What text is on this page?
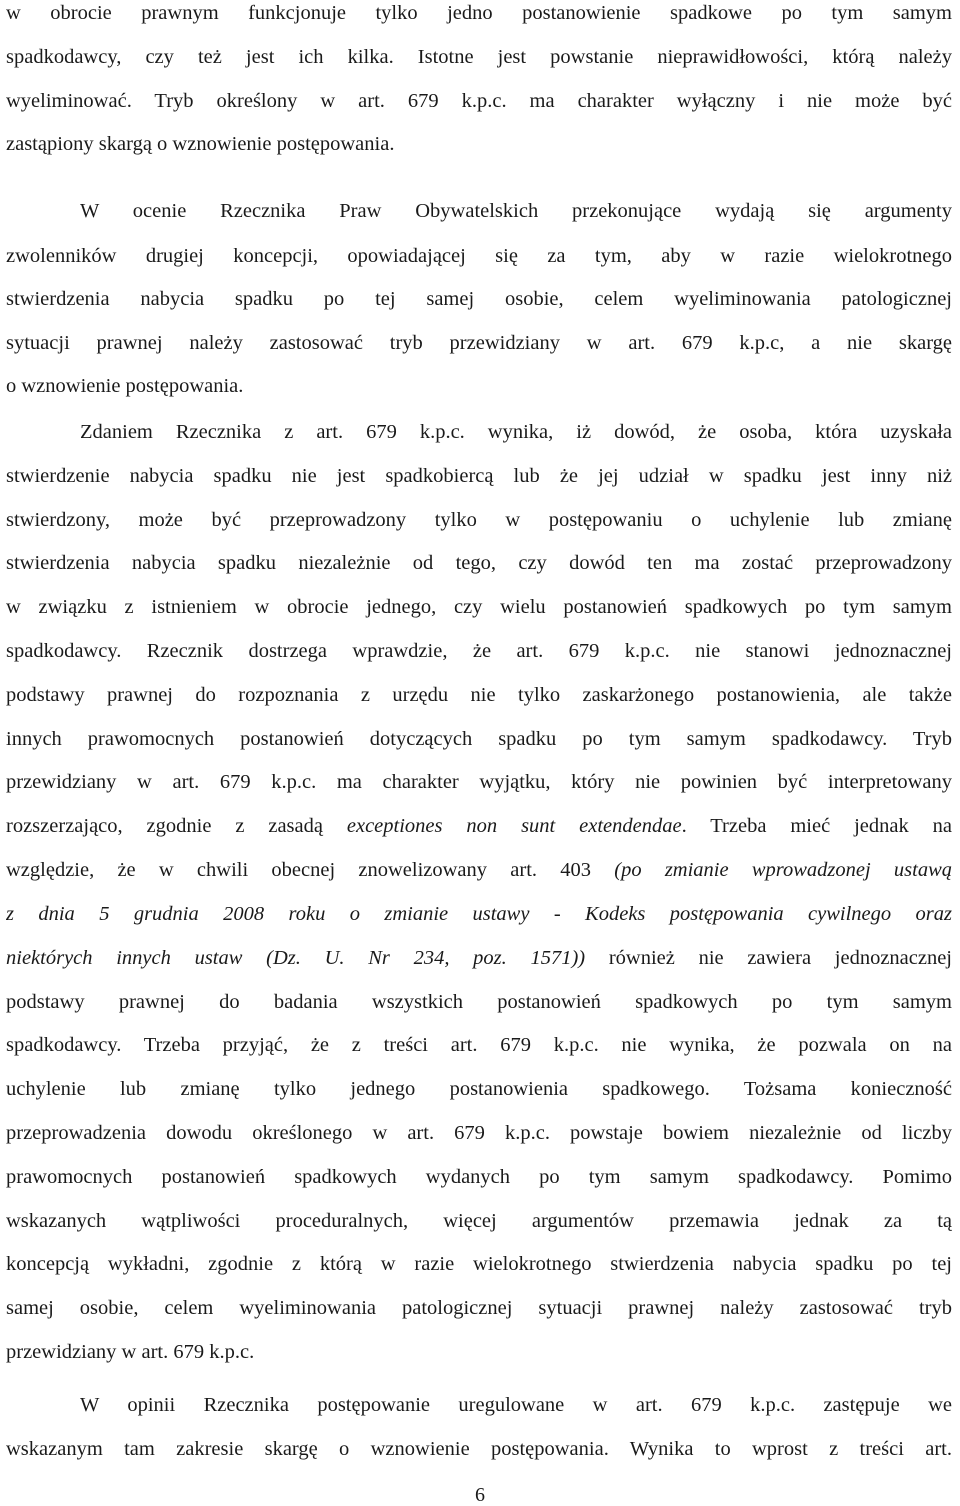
w obrocie prawnym funkcjonuje tylko jedno postanowienie spadkowe po tym samym
spadkodawcy, czy też jest ich kilka. Istotne jest powstanie nieprawidłowości, którą należy
wyeliminować. Tryb określony w art. 679 k.p.c. ma charakter wyłączny i nie może być
zastąpiony skargą o wznowienie postępowania.
W ocenie Rzecznika Praw Obywatelskich przekonujące wydają się argumenty
zwolenników drugiej koncepcji, opowiadającej się za tym, aby w razie wielokrotnego
stwierdzenia nabycia spadku po tej samej osobie, celem wyeliminowania patologicznej
sytuacji prawnej należy zastosować tryb przewidziany w art. 679 k.p.c, a nie skargę
o wznowienie postępowania.
Zdaniem Rzecznika z art. 679 k.p.c. wynika, iż dowód, że osoba, która uzyskała
stwierdzenie nabycia spadku nie jest spadkobiercą lub że jej udział w spadku jest inny niż
stwierdzony, może być przeprowadzony tylko w postępowaniu o uchylenie lub zmianę
stwierdzenia nabycia spadku niezależnie od tego, czy dowód ten ma zostać przeprowadzony
w związku z istnieniem w obrocie jednego, czy wielu postanowień spadkowych po tym samym
spadkodawcy. Rzecznik dostrzega wprawdzie, że art. 679 k.p.c. nie stanowi jednoznacznej
podstawy prawnej do rozpoznania z urzędu nie tylko zaskarżonego postanowienia, ale także
innych prawomocnych postanowień dotyczących spadku po tym samym spadkodawcy. Tryb
przewidziany w art. 679 k.p.c. ma charakter wyjątku, który nie powinien być interpretowany
rozszerzająco, zgodnie z zasadą exceptiones non sunt extendendae. Trzeba mieć jednak na
względzie, że w chwili obecnej znowelizowany art. 403 (po zmianie wprowadzonej ustawą
z dnia 5 grudnia 2008 roku o zmianie ustawy - Kodeks postępowania cywilnego oraz
niektórych innych ustaw (Dz. U. Nr 234, poz. 1571)) również nie zawiera jednoznacznej
podstawy prawnej do badania wszystkich postanowień spadkowych po tym samym
spadkodawcy. Trzeba przyjąć, że z treści art. 679 k.p.c. nie wynika, że pozwala on na
uchylenie lub zmianę tylko jednego postanowienia spadkowego. Tożsama konieczność
przeprowadzenia dowodu określonego w art. 679 k.p.c. powstaje bowiem niezależnie od liczby
prawomocnych postanowień spadkowych wydanych po tym samym spadkodawcy. Pomimo
wskazanych wątpliwości proceduralnych, więcej argumentów przemawia jednak za tą
koncepcją wykładni, zgodnie z którą w razie wielokrotnego stwierdzenia nabycia spadku po tej
samej osobie, celem wyeliminowania patologicznej sytuacji prawnej należy zastosować tryb
przewidziany w art. 679 k.p.c.
W opinii Rzecznika postępowanie uregulowane w art. 679 k.p.c. zastępuje we
wskazanym tam zakresie skargę o wznowienie postępowania. Wynika to wprost z treści art.
6
